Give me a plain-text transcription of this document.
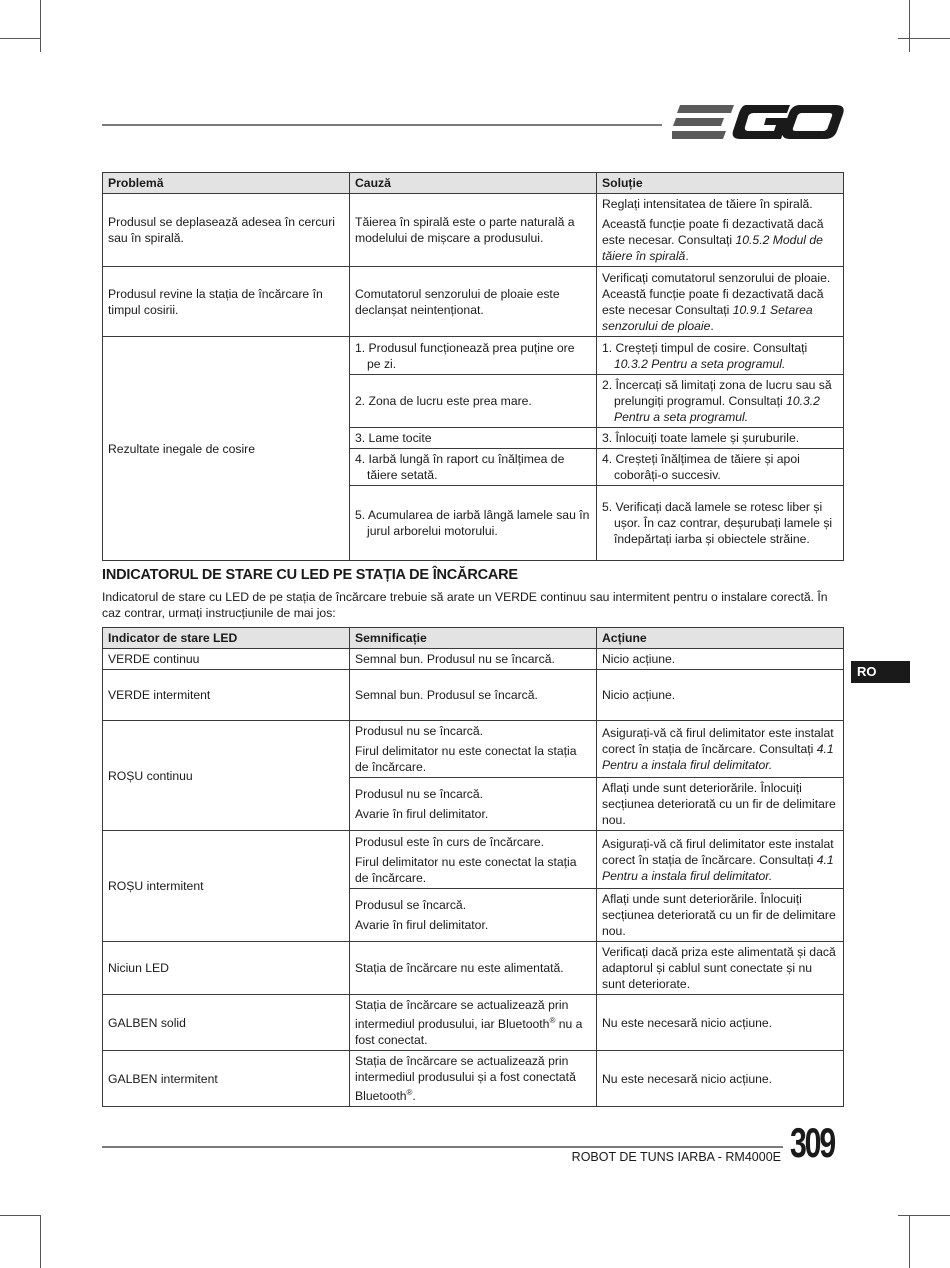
Problemă	Cauză	Soluție
Produsul se deplasează adesea în cercuri sau în spirală.	Tăierea în spirală este o parte naturală a modelului de mișcare a produsului.	Reglați intensitatea de tăiere în spirală.

Această funcție poate fi dezactivată dacă este necesar. Consultați 10.5.2 Modul de tăiere în spirală.

Produsul revine la stația de încărcare în timpul cosirii.	Comutatorul senzorului de ploaie este declanșat neintenționat.	Verificați comutatorul senzorului de ploaie. Această funcție poate fi dezactivată dacă este necesar Consultați 10.9.1 Setarea senzorului de ploaie.
Rezultate inegale de cosire	1. Produsul funcționează prea puține ore pe zi.	1. Creșteți timpul de cosire. Consultați 10.3.2 Pentru a seta programul.

	2. Zona de lucru este prea mare.	2. Încercați să limitați zona de lucru sau să prelungiți programul. Consultați 10.3.2 Pentru a seta programul.

	3. Lame tocite	3. Înlocuiți toate lamele și șuruburile.

	4. Iarbă lungă în raport cu înălțimea de tăiere setată.	4. Creșteți înălțimea de tăiere și apoi coborâți-o succesiv.

	5. Acumularea de iarbă lângă lamele sau în jurul arborelui motorului.	5. Verificați dacă lamele se rotesc liber și ușor. În caz contrar, deșurubați lamele și îndepărtați iarba și obiectele străine.
INDICATORUL DE STARE CU LED PE STAȚIA DE ÎNCĂRCARE
Indicatorul de stare cu LED de pe stația de încărcare trebuie să arate un VERDE continuu sau intermitent pentru o instalare corectă. În caz contrar, urmați instrucțiunile de mai jos:
Indicator de stare LED	Semnificație	Acțiune
VERDE continuu	Semnal bun. Produsul nu se încarcă.	Nicio acțiune.
VERDE intermitent	Semnal bun. Produsul se încarcă.	Nicio acțiune.
ROȘU continuu	Produsul nu se încarcă.

Firul delimitator nu este conectat la stația de încărcare.	Asigurați-vă că firul delimitator este instalat corect în stația de încărcare. Consultați 4.1 Pentru a instala firul delimitator.

	Produsul nu se încarcă.

Avarie în firul delimitator.	Aflați unde sunt deteriorările. Înlocuiți secțiunea deteriorată cu un fir de delimitare nou.
ROȘU intermitent	Produsul este în curs de încărcare.

Firul delimitator nu este conectat la stația de încărcare.	Asigurați-vă că firul delimitator este instalat corect în stația de încărcare. Consultați 4.1 Pentru a instala firul delimitator.

	Produsul se încarcă.

Avarie în firul delimitator.	Aflați unde sunt deteriorările. Înlocuiți secțiunea deteriorată cu un fir de delimitare nou.
Niciun LED	Stația de încărcare nu este alimentată.	Verificați dacă priza este alimentată și dacă adaptorul și cablul sunt conectate și nu sunt deteriorate.
GALBEN solid	Stația de încărcare se actualizează prin intermediul produsului, iar Bluetooth® nu a fost conectat.	Nu este necesară nicio acțiune.
GALBEN intermitent	Stația de încărcare se actualizează prin intermediul produsului și a fost conectată Bluetooth®.	Nu este necesară nicio acțiune.
RO
ROBOT DE TUNS IARBA - RM4000E 309
